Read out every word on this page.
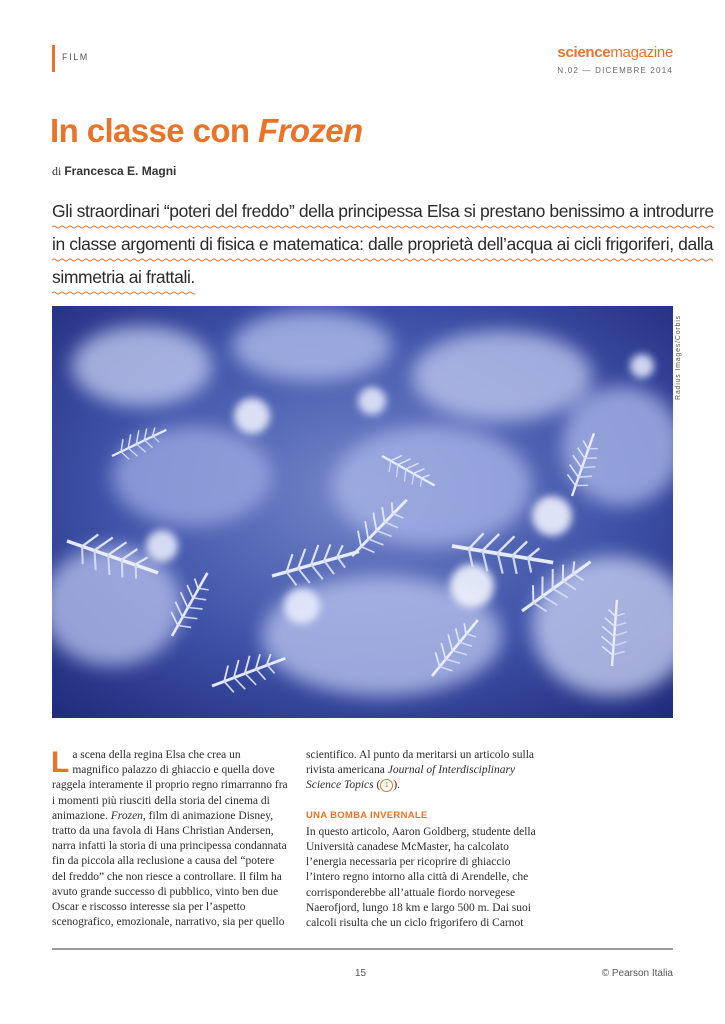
FILM	sciencemagazine
N.02 — DICEMBRE 2014
In classe con Frozen
di Francesca E. Magni
Gli straordinari “poteri del freddo” della principessa Elsa si prestano benissimo a introdurre
in classe argomenti di fisica e matematica: dalle proprietà dell’acqua ai cicli frigoriferi, dalla
simmetria ai frattali.
Radius Images/Corbis

La scena della regina Elsa che crea un magnifico palazzo di ghiaccio e quella dove raggela interamente il proprio regno rimarranno fra i momenti più riusciti della storia del cinema di animazione. Frozen, film di animazione Disney, tratto da una favola di Hans Christian Andersen, narra infatti la storia di una principessa condannata fin da piccola alla reclusione a causa del “potere del freddo” che non riesce a controllare. Il film ha avuto grande successo di pubblico, vinto ben due Oscar e riscosso interesse sia per l’aspetto scenografico, emozionale, narrativo, sia per quello

scientifico. Al punto da meritarsi un articolo sulla rivista americana Journal of Interdisciplinary Science Topics ( 1 ).

UNA BOMBA INVERNALE

In questo articolo, Aaron Goldberg, studente della Università canadese McMaster, ha calcolato l’energia necessaria per ricoprire di ghiaccio l’intero regno intorno alla città di Arendelle, che corrisponderebbe all’attuale fiordo norvegese Naerofjord, lungo 18 km e largo 500 m. Dai suoi calcoli risulta che un ciclo frigorifero di Carnot

15	© Pearson Italia
